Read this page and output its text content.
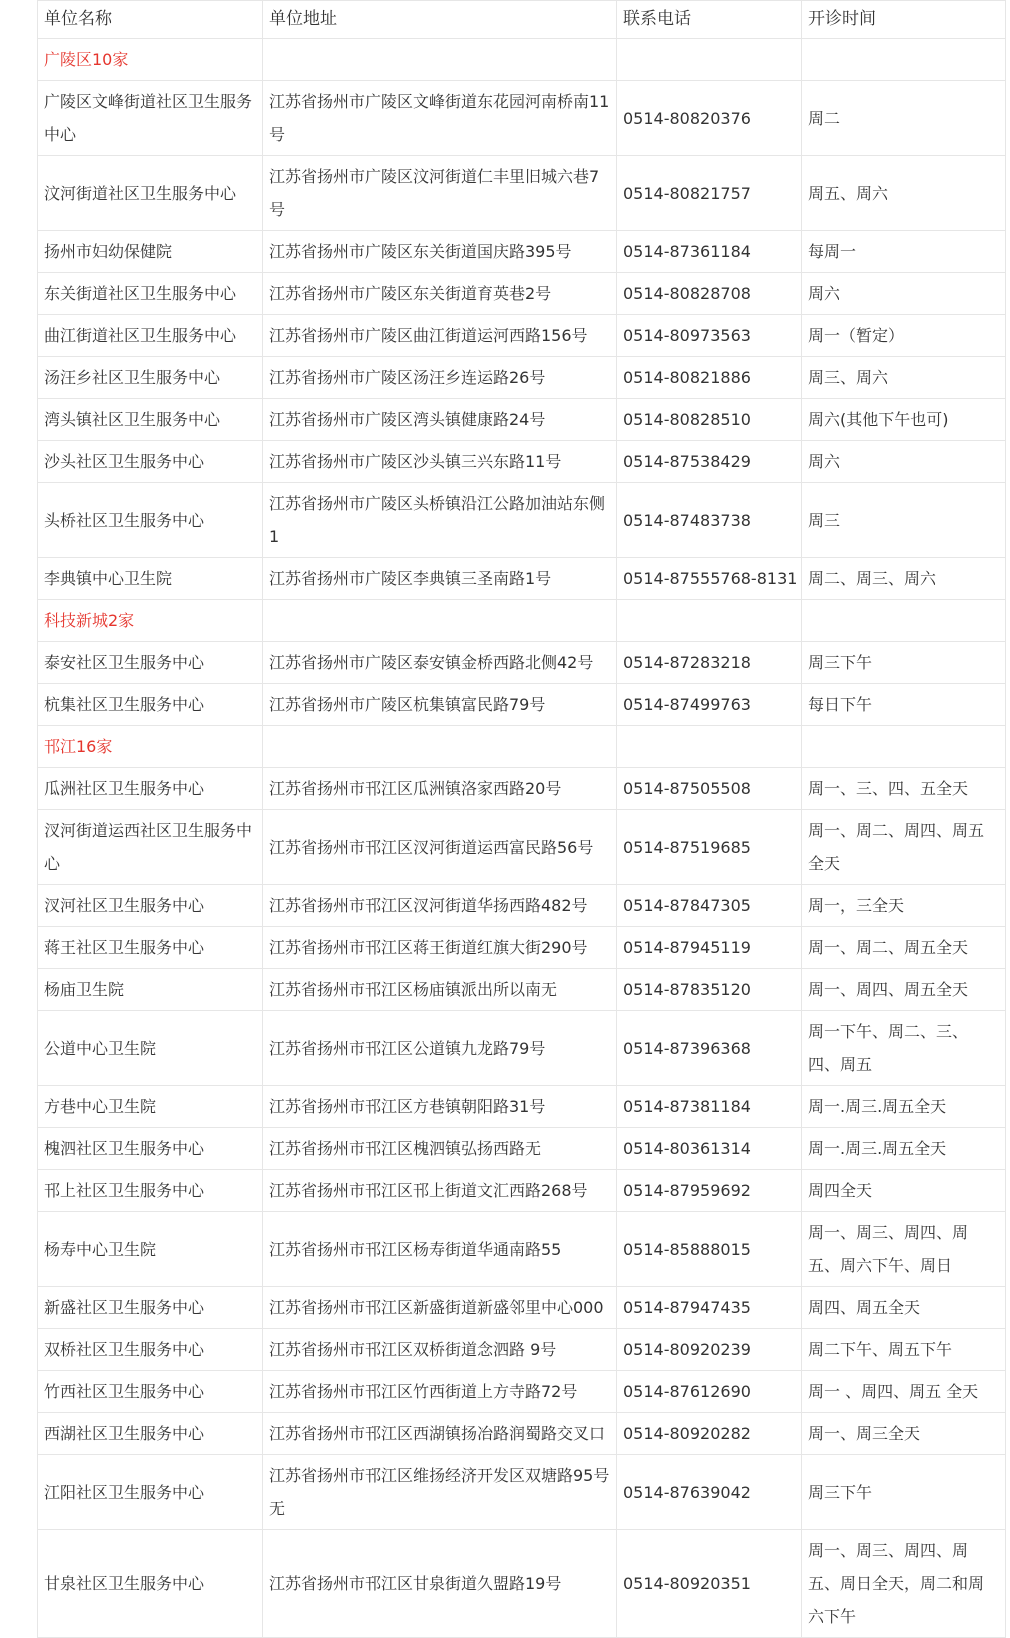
单位名称	单位地址	联系电话	开诊时间
广陵区10家			
广陵区文峰街道社区卫生服务中心	江苏省扬州市广陵区文峰街道东花园河南桥南11号	0514-80820376	周二
汶河街道社区卫生服务中心	江苏省扬州市广陵区汶河街道仁丰里旧城六巷7号	0514-80821757	周五、周六
扬州市妇幼保健院	江苏省扬州市广陵区东关街道国庆路395号	0514-87361184	每周一
东关街道社区卫生服务中心	江苏省扬州市广陵区东关街道育英巷2号	0514-80828708	周六
曲江街道社区卫生服务中心	江苏省扬州市广陵区曲江街道运河西路156号	0514-80973563	周一（暂定）
汤汪乡社区卫生服务中心	江苏省扬州市广陵区汤汪乡连运路26号	0514-80821886	周三、周六
湾头镇社区卫生服务中心	江苏省扬州市广陵区湾头镇健康路24号	0514-80828510	周六(其他下午也可)
沙头社区卫生服务中心	江苏省扬州市广陵区沙头镇三兴东路11号	0514-87538429	周六
头桥社区卫生服务中心	江苏省扬州市广陵区头桥镇沿江公路加油站东侧1	0514-87483738	周三
李典镇中心卫生院	江苏省扬州市广陵区李典镇三圣南路1号	0514-87555768-8131	周二、周三、周六
科技新城2家			
泰安社区卫生服务中心	江苏省扬州市广陵区泰安镇金桥西路北侧42号	0514-87283218	周三下午
杭集社区卫生服务中心	江苏省扬州市广陵区杭集镇富民路79号	0514-87499763	每日下午
邗江16家			
瓜洲社区卫生服务中心	江苏省扬州市邗江区瓜洲镇洛家西路20号	0514-87505508	周一、三、四、五全天
汊河街道运西社区卫生服务中心	江苏省扬州市邗江区汊河街道运西富民路56号	0514-87519685	周一、周二、周四、周五全天
汊河社区卫生服务中心	江苏省扬州市邗江区汊河街道华扬西路482号	0514-87847305	周一，三全天
蒋王社区卫生服务中心	江苏省扬州市邗江区蒋王街道红旗大街290号	0514-87945119	周一、周二、周五全天
杨庙卫生院	江苏省扬州市邗江区杨庙镇派出所以南无	0514-87835120	周一、周四、周五全天
公道中心卫生院	江苏省扬州市邗江区公道镇九龙路79号	0514-87396368	周一下午、周二、三、四、周五
方巷中心卫生院	江苏省扬州市邗江区方巷镇朝阳路31号	0514-87381184	周一.周三.周五全天
槐泗社区卫生服务中心	江苏省扬州市邗江区槐泗镇弘扬西路无	0514-80361314	周一.周三.周五全天
邗上社区卫生服务中心	江苏省扬州市邗江区邗上街道文汇西路268号	0514-87959692	周四全天
杨寿中心卫生院	江苏省扬州市邗江区杨寿街道华通南路55	0514-85888015	周一、周三、周四、周五、周六下午、周日
新盛社区卫生服务中心	江苏省扬州市邗江区新盛街道新盛邻里中心000	0514-87947435	周四、周五全天
双桥社区卫生服务中心	江苏省扬州市邗江区双桥街道念泗路 9号	0514-80920239	周二下午、周五下午
竹西社区卫生服务中心	江苏省扬州市邗江区竹西街道上方寺路72号	0514-87612690	周一 、周四、周五 全天
西湖社区卫生服务中心	江苏省扬州市邗江区西湖镇扬冶路润蜀路交叉口	0514-80920282	周一、周三全天
江阳社区卫生服务中心	江苏省扬州市邗江区维扬经济开发区双塘路95号无	0514-87639042	周三下午
甘泉社区卫生服务中心	江苏省扬州市邗江区甘泉街道久盟路19号	0514-80920351	周一、周三、周四、周五、周日全天，周二和周六下午
